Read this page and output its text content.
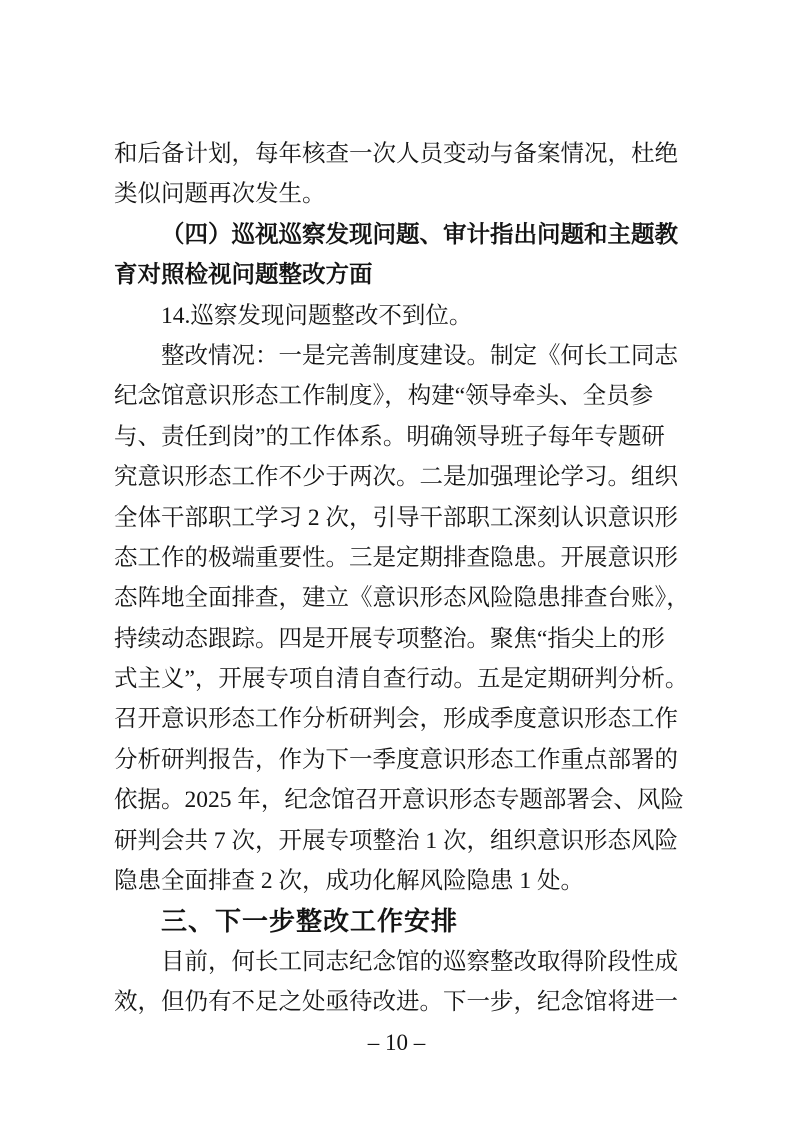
和后备计划，每年核查一次人员变动与备案情况，杜绝
类似问题再次发生。
（四）巡视巡察发现问题、审计指出问题和主题教
育对照检视问题整改方面
14.巡察发现问题整改不到位。
整改情况：一是完善制度建设。制定《何长工同志
纪念馆意识形态工作制度》，构建“领导牵头、全员参
与、责任到岗”的工作体系。明确领导班子每年专题研
究意识形态工作不少于两次。二是加强理论学习。组织
全体干部职工学习 2 次，引导干部职工深刻认识意识形
态工作的极端重要性。三是定期排查隐患。开展意识形
态阵地全面排查，建立《意识形态风险隐患排查台账》，
持续动态跟踪。四是开展专项整治。聚焦“指尖上的形
式主义”，开展专项自清自查行动。五是定期研判分析。
召开意识形态工作分析研判会，形成季度意识形态工作
分析研判报告，作为下一季度意识形态工作重点部署的
依据。2025 年，纪念馆召开意识形态专题部署会、风险
研判会共 7 次，开展专项整治 1 次，组织意识形态风险
隐患全面排查 2 次，成功化解风险隐患 1 处。
三、下一步整改工作安排
目前，何长工同志纪念馆的巡察整改取得阶段性成
效，但仍有不足之处亟待改进。下一步，纪念馆将进一
– 10 –
